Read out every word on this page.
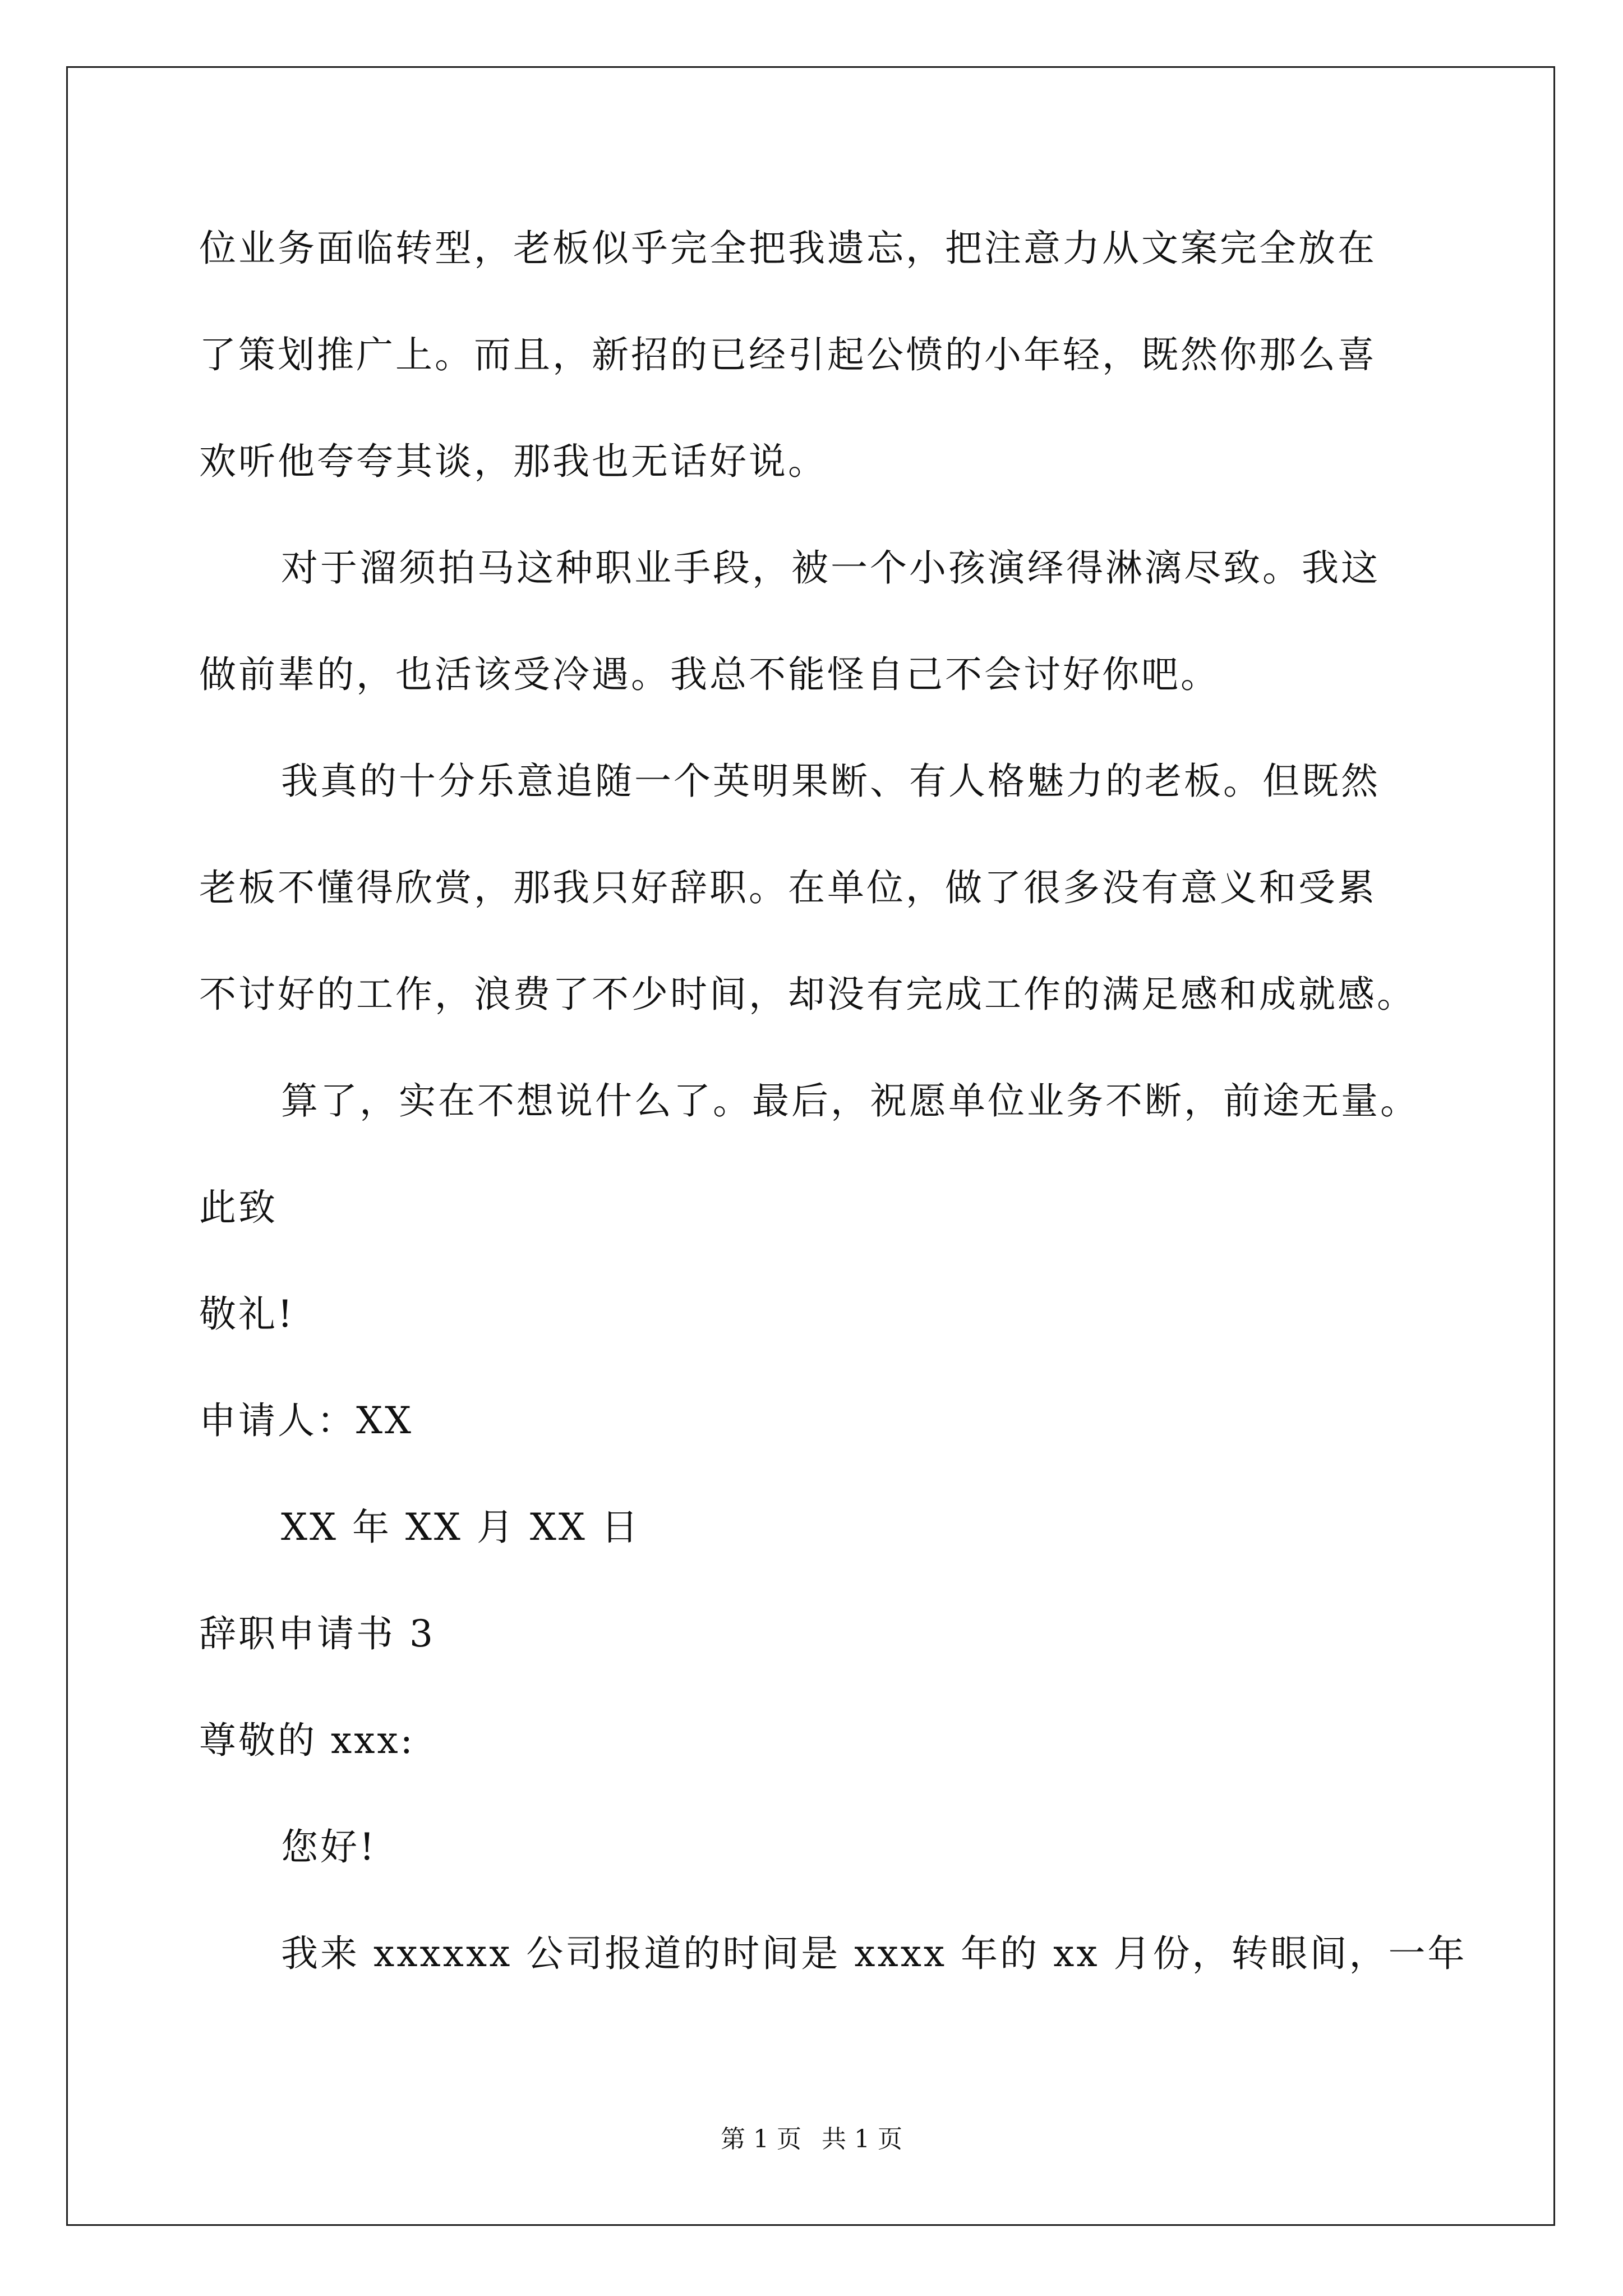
位业务面临转型，老板似乎完全把我遗忘，把注意力从文案完全放在
了策划推广上。而且，新招的已经引起公愤的小年轻，既然你那么喜
欢听他夸夸其谈，那我也无话好说。
对于溜须拍马这种职业手段，被一个小孩演绎得淋漓尽致。我这
做前辈的，也活该受冷遇。我总不能怪自己不会讨好你吧。
我真的十分乐意追随一个英明果断、有人格魅力的老板。但既然
老板不懂得欣赏，那我只好辞职。在单位，做了很多没有意义和受累
不讨好的工作，浪费了不少时间，却没有完成工作的满足感和成就感。
算了，实在不想说什么了。最后，祝愿单位业务不断，前途无量。
此致
敬礼!
申请人：XX
XX 年 XX 月 XX 日
辞职申请书 3
尊敬的 xxx:
您好!
我来 xxxxxx 公司报道的时间是 xxxx 年的 xx 月份，转眼间，一年
第 1 页 共 1 页
